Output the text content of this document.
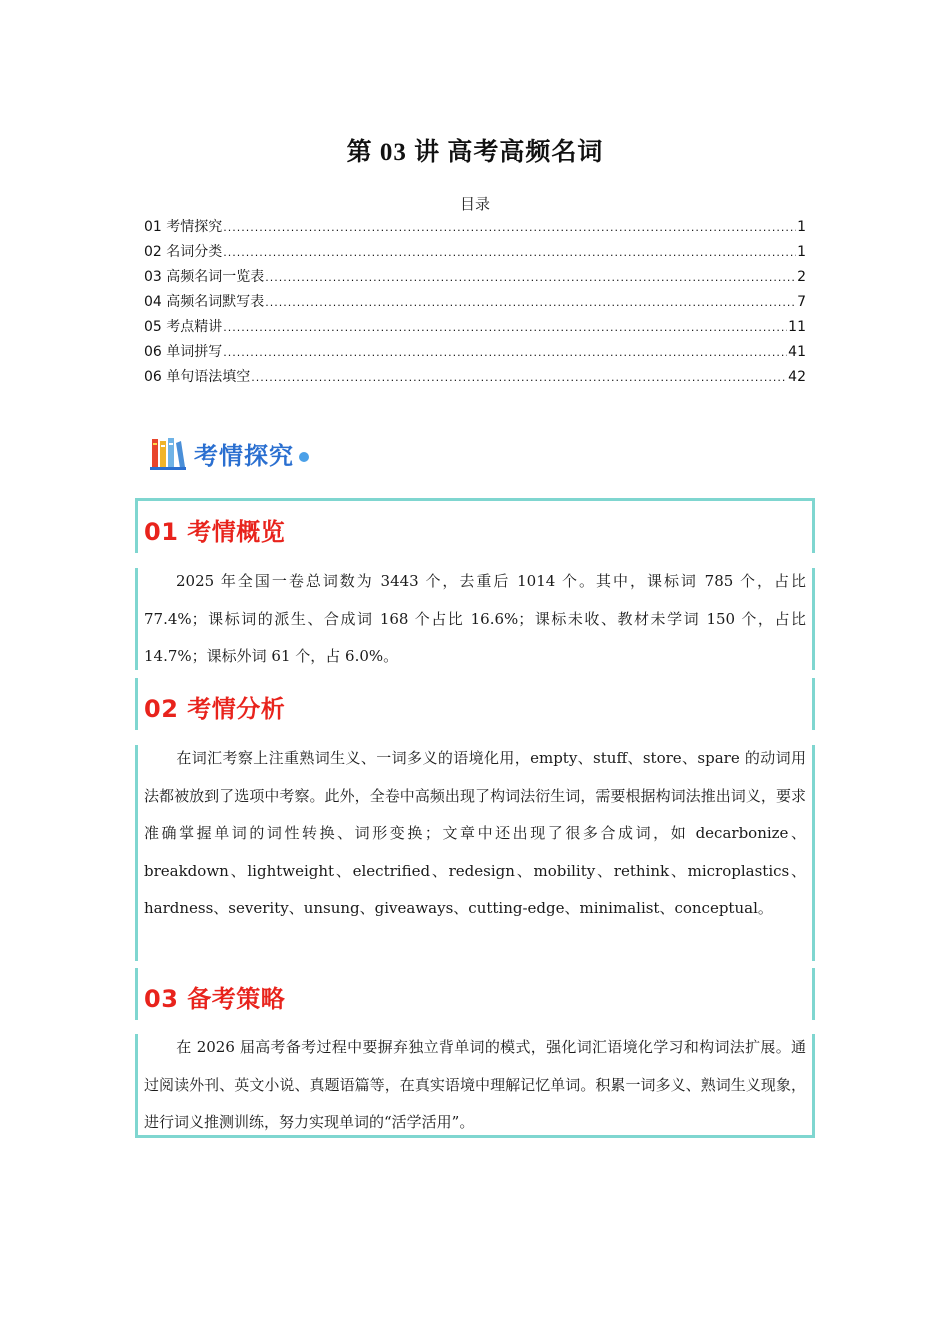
第 03 讲 高考高频名词
目录
01 考情探究 .....	1
02 名词分类 .....	1
03 高频名词一览表 .....	2
04 高频名词默写表 .....	7
05 考点精讲 .....	11
06 单词拼写 .....	41
06 单句语法填空 .....	42
考情探究
01 考情概览

2025 年全国一卷总词数为 3443 个，去重后 1014 个。其中，课标词 785 个，占比 77.4%；课标词的派生、合成词 168 个占比 16.6%；课标未收、教材未学词 150 个，占比 14.7%；课标外词 61 个，占 6.0%。

02 考情分析

在词汇考察上注重熟词生义、一词多义的语境化用，empty、stuff、store、spare 的动词用法都被放到了选项中考察。此外，全卷中高频出现了构词法衍生词，需要根据构词法推出词义，要求准确掌握单词的词性转换、词形变换；文章中还出现了很多合成词，如 decarbonize、breakdown、lightweight、electrified、redesign、mobility、rethink、microplastics、hardness、severity、unsung、giveaways、cutting-edge、minimalist、conceptual。

03 备考策略

在 2026 届高考备考过程中要摒弃独立背单词的模式，强化词汇语境化学习和构词法扩展。通过阅读外刊、英文小说、真题语篇等，在真实语境中理解记忆单词。积累一词多义、熟词生义现象，进行词义推测训练，努力实现单词的“活学活用”。
